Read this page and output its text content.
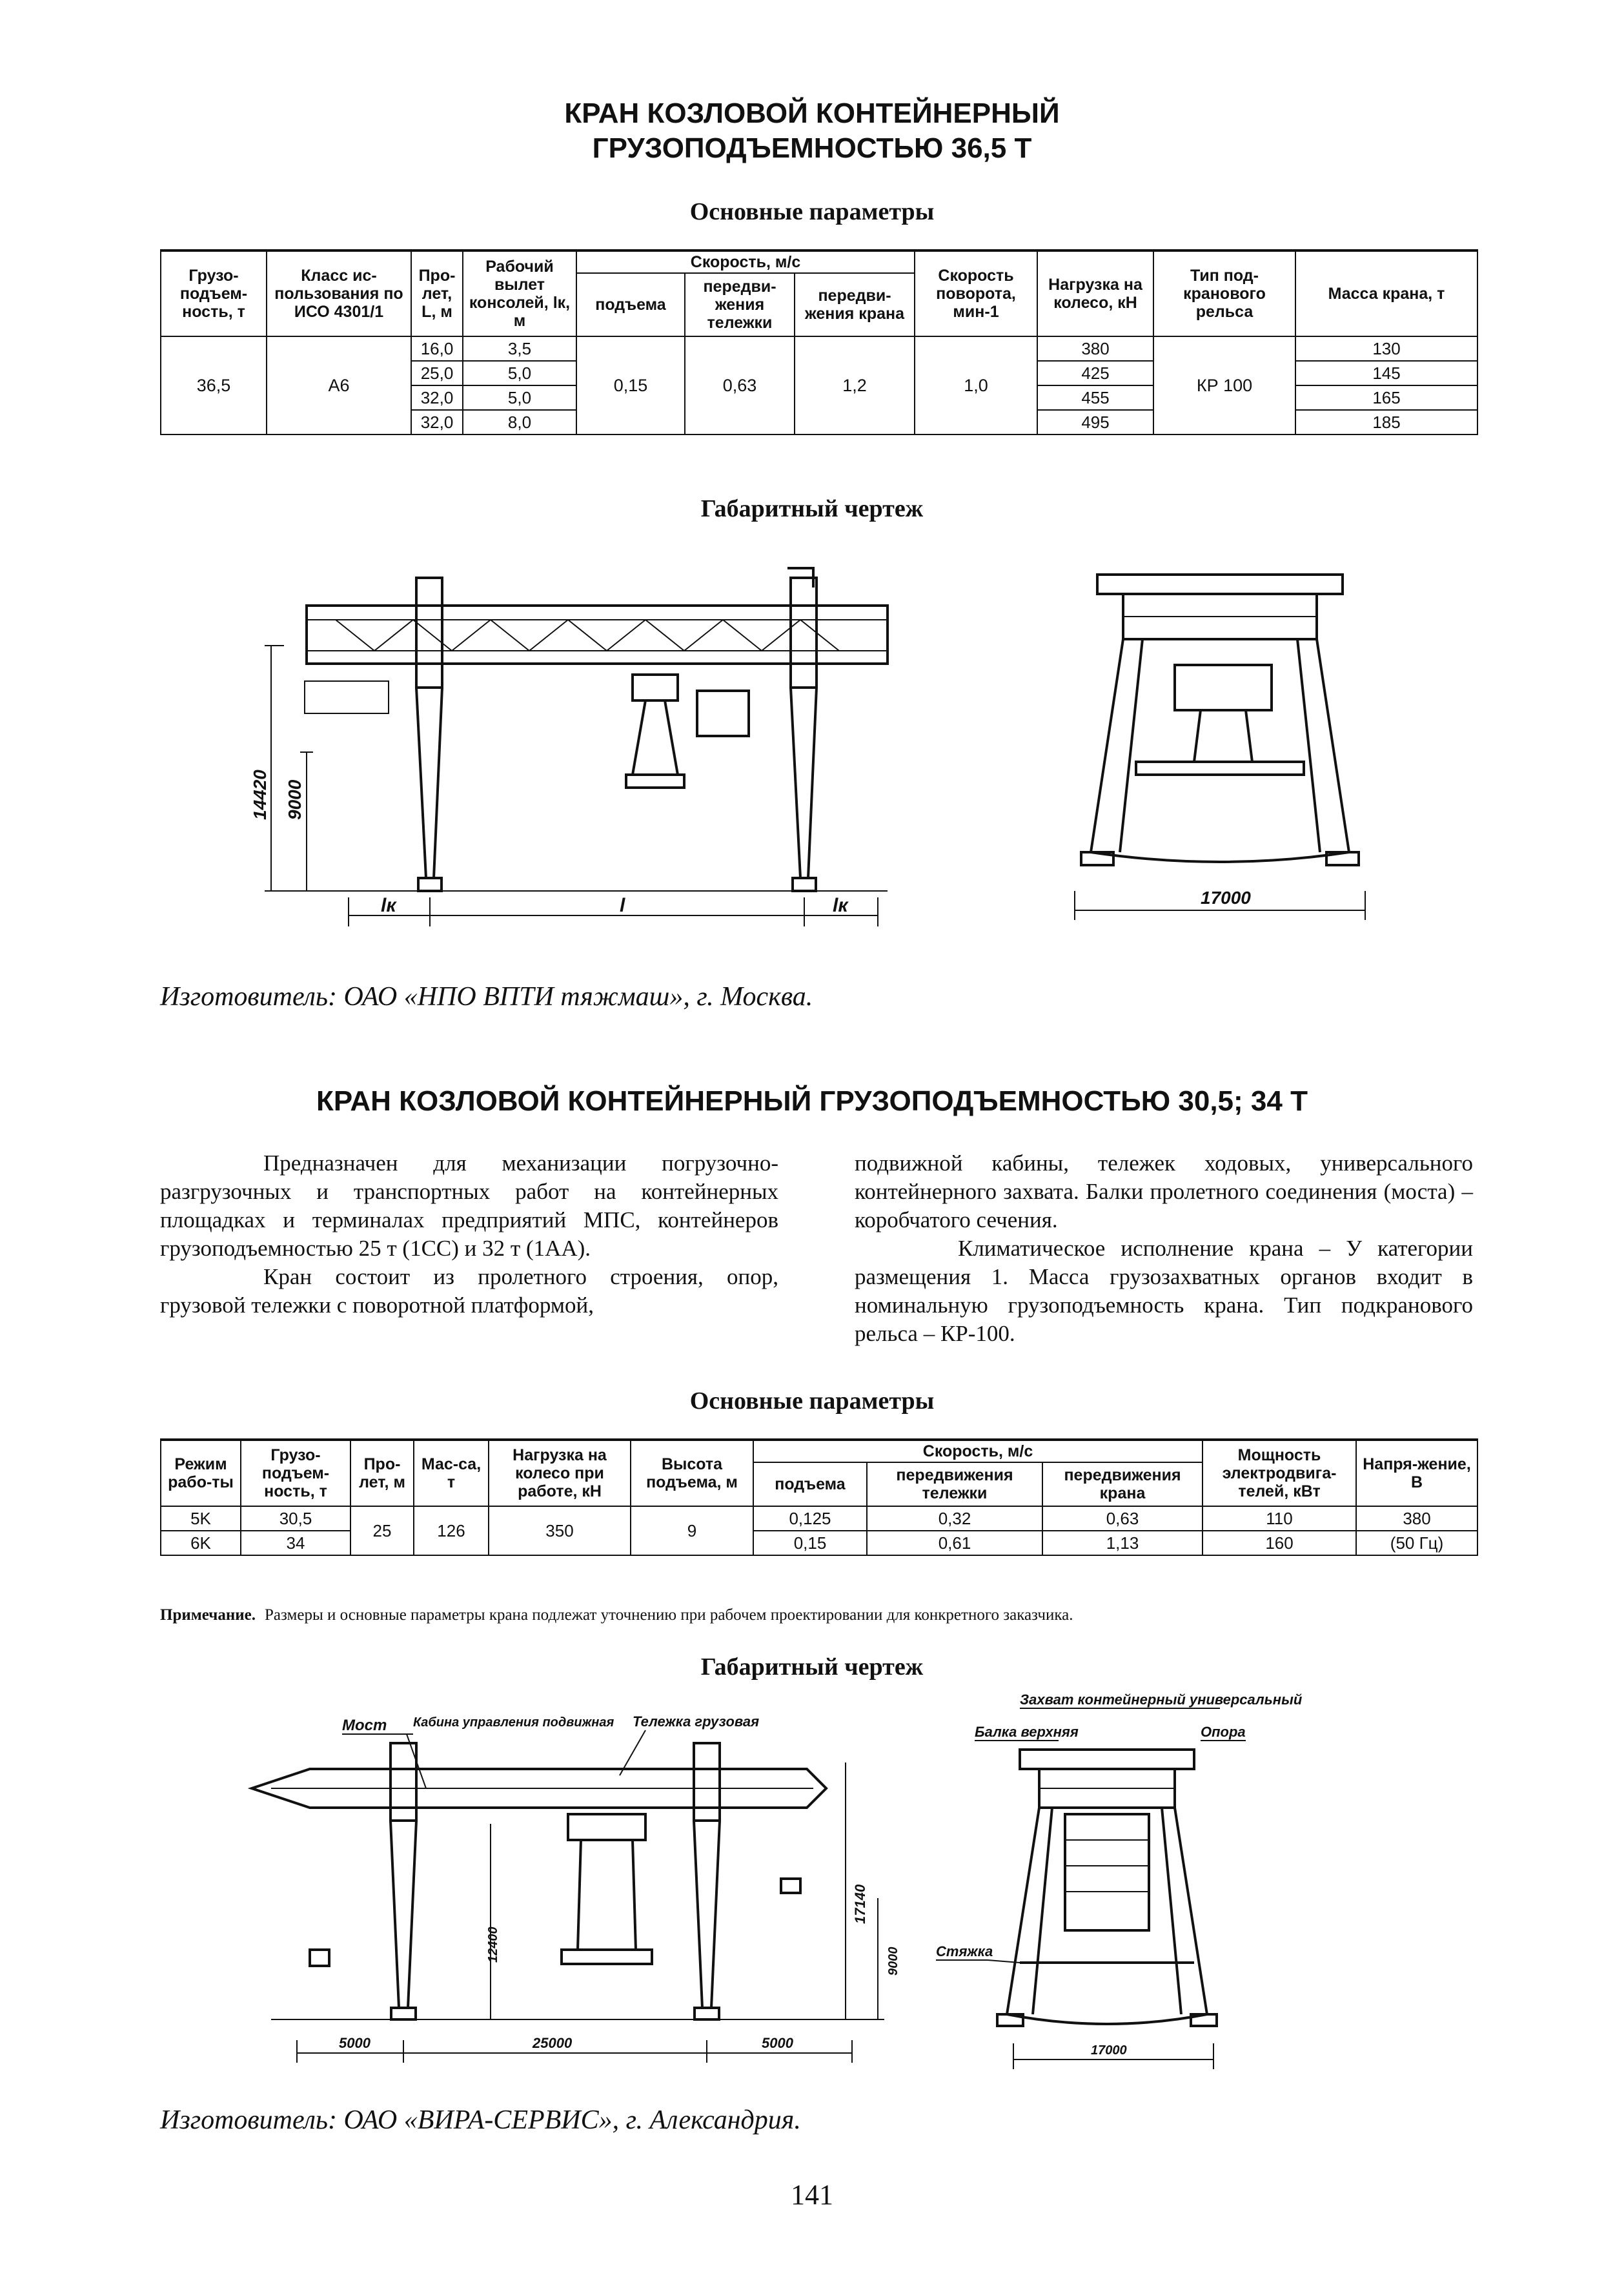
КРАН КОЗЛОВОЙ КОНТЕЙНЕРНЫЙ
ГРУЗОПОДЪЕМНОСТЬЮ 36,5 Т
Основные параметры
Грузо-подъем-ность, т	Класс ис-пользования по ИСО 4301/1	Про-лет, L, м	Рабочий вылет консолей, lк, м	Скорость, м/с			Скорость поворота, мин-1	Нагрузка на колесо, кН	Тип под-кранового рельса	Масса крана, т
				подъема	передви-жения тележки	передви-жения крана				
36,5	A6	16,0	3,5	0,15	0,63	1,2	1,0	380	КР 100	130
		25,0	5,0					425		145
		32,0	5,0					455		165
		32,0	8,0					495		185
Габаритный чертеж
14420 9000
lк	l	lк	17000
Изготовитель: ОАО «НПО ВПТИ тяжмаш», г. Москва.
КРАН КОЗЛОВОЙ КОНТЕЙНЕРНЫЙ ГРУЗОПОДЪЕМНОСТЬЮ 30,5; 34 Т

Предназначен для механизации погрузочно-разгрузочных и транспортных работ на контейнерных площадках и терминалах предприятий МПС, контейнеров грузоподъемностью 25 т (1СС) и 32 т (1АА).

Кран состоит из пролетного строения, опор, грузовой тележки с поворотной платформой,

подвижной кабины, тележек ходовых, универсального контейнерного захвата. Балки пролетного соединения (моста) – коробчатого сечения.

Климатическое исполнение крана – У категории размещения 1. Масса грузозахватных органов входит в номинальную грузоподъемность крана. Тип подкранового рельса – КР-100.

Основные параметры
Режим рабо-ты	Грузо-подъем-ность, т	Про-лет, м	Мас-са, т	Нагрузка на колесо при работе, кН	Высота подъема, м	Скорость, м/с			Мощность электродвига-телей, кВт	Напря-жение, В
						подъема	передвижения тележки	передвижения крана		
5K	30,5	25	126	350	9	0,125	0,32	0,63	110	380
6K	34					0,15	0,61	1,13	160	(50 Гц)
Примечание. Размеры и основные параметры крана подлежат уточнению при рабочем проектировании для конкретного заказчика.
Габаритный чертеж
Мост Кабина управления подвижная Тележка грузовая
12400
17140
9000
5000	25000	5000
Захват контейнерный универсальный
Балка верхняя	Опора
Стяжка
17000
Изготовитель: ОАО «ВИРА-СЕРВИС», г. Александрия.
141
